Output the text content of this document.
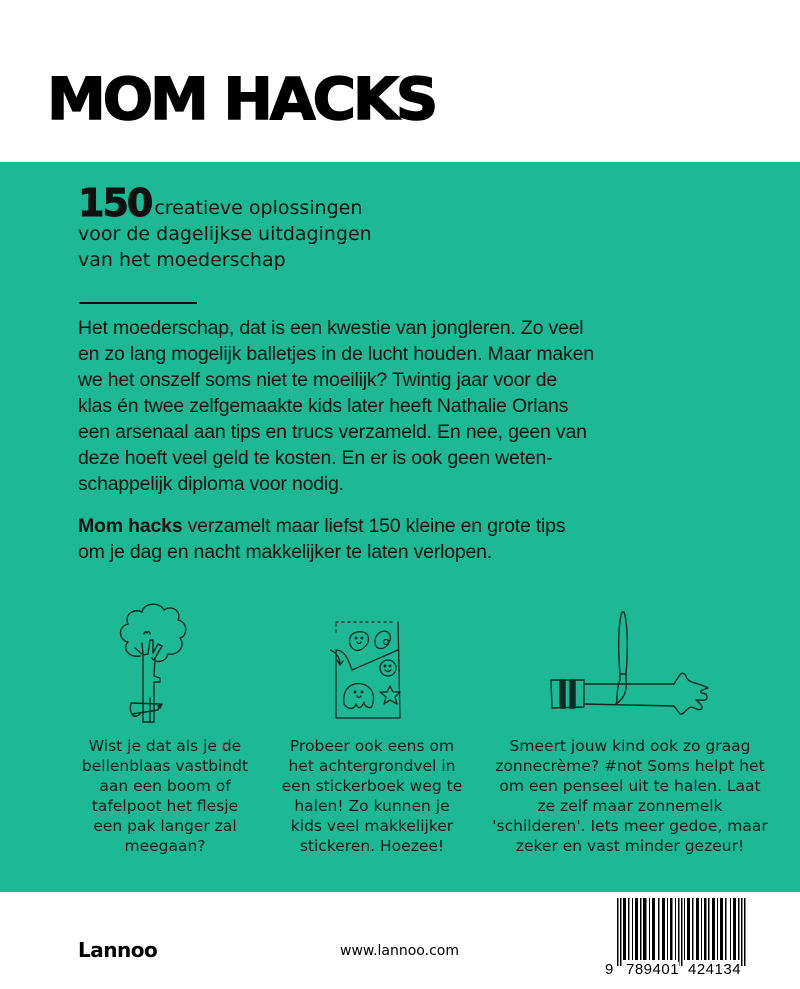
MOM HACKS
150 creatieve oplossingen
voor de dagelijkse uitdagingen
van het moederschap
Het moederschap, dat is een kwestie van jongleren. Zo veel
en zo lang mogelijk balletjes in de lucht houden. Maar maken
we het onszelf soms niet te moeilijk? Twintig jaar voor de
klas én twee zelfgemaakte kids later heeft Nathalie Orlans
een arsenaal aan tips en trucs verzameld. En nee, geen van
deze hoeft veel geld te kosten. En er is ook geen weten-
schappelijk diploma voor nodig.
Mom hacks verzamelt maar liefst 150 kleine en grote tips
om je dag en nacht makkelijker te laten verlopen.
Wist je dat als je de
bellenblaas vastbindt
aan een boom of
tafelpoot het flesje
een pak langer zal
meegaan?
Probeer ook eens om
het achtergrondvel in
een stickerboek weg te
halen! Zo kunnen je
kids veel makkelijker
stickeren. Hoezee!
Smeert jouw kind ook zo graag
zonnecrème? #not Soms helpt het
om een penseel uit te halen. Laat
ze zelf maar zonnemelk
'schilderen'. Iets meer gedoe, maar
zeker en vast minder gezeur!
Lannoo	www.lannoo.com
9 789401 424134
